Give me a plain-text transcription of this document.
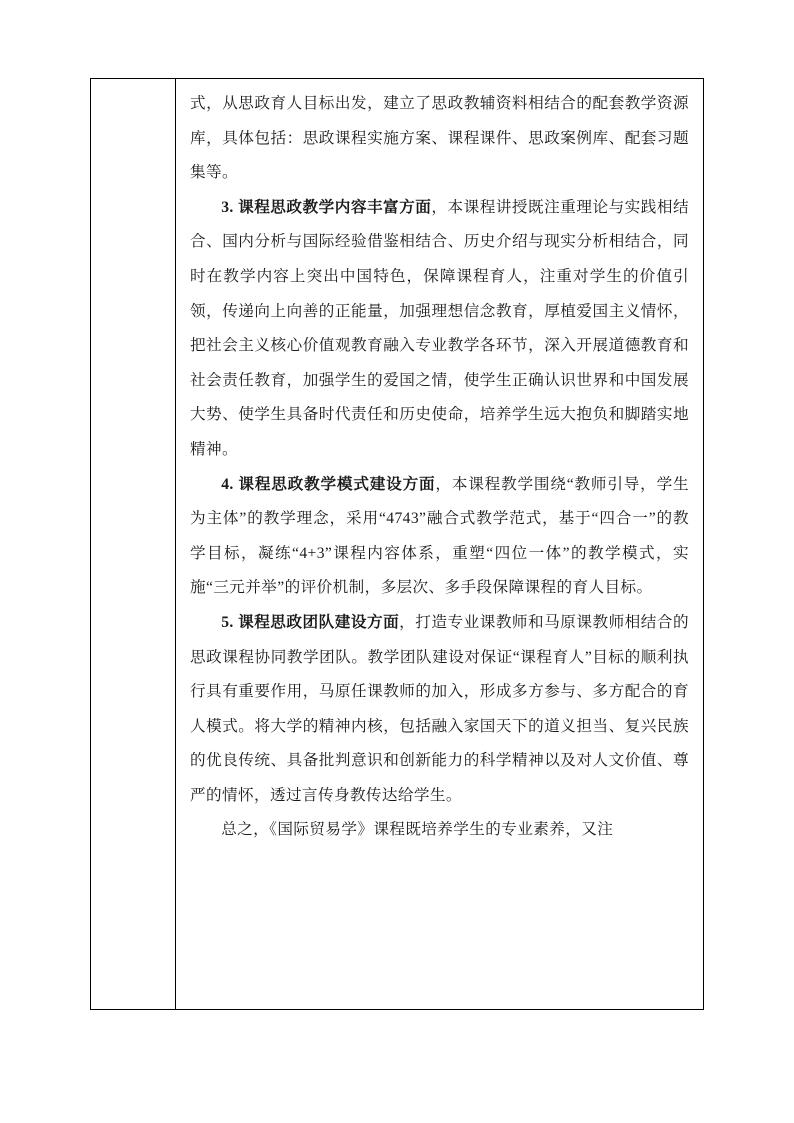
式，从思政育人目标出发，建立了思政教辅资料相结合的配套教学资源库，具体包括：思政课程实施方案、课程课件、思政案例库、配套习题集等。

3. 课程思政教学内容丰富方面，本课程讲授既注重理论与实践相结合、国内分析与国际经验借鉴相结合、历史介绍与现实分析相结合，同时在教学内容上突出中国特色，保障课程育人，注重对学生的价值引领，传递向上向善的正能量，加强理想信念教育，厚植爱国主义情怀，把社会主义核心价值观教育融入专业教学各环节，深入开展道德教育和社会责任教育，加强学生的爱国之情，使学生正确认识世界和中国发展大势、使学生具备时代责任和历史使命，培养学生远大抱负和脚踏实地精神。

4. 课程思政教学模式建设方面，本课程教学围绕“教师引导，学生为主体”的教学理念，采用“4743”融合式教学范式，基于“四合一”的教学目标，凝练“4+3”课程内容体系，重塑“四位一体”的教学模式，实施“三元并举”的评价机制，多层次、多手段保障课程的育人目标。

5. 课程思政团队建设方面，打造专业课教师和马原课教师相结合的思政课程协同教学团队。教学团队建设对保证“课程育人”目标的顺利执行具有重要作用，马原任课教师的加入，形成多方参与、多方配合的育人模式。将大学的精神内核，包括融入家国天下的道义担当、复兴民族的优良传统、具备批判意识和创新能力的科学精神以及对人文价值、尊严的情怀，透过言传身教传达给学生。

总之，《国际贸易学》课程既培养学生的专业素养，又注
